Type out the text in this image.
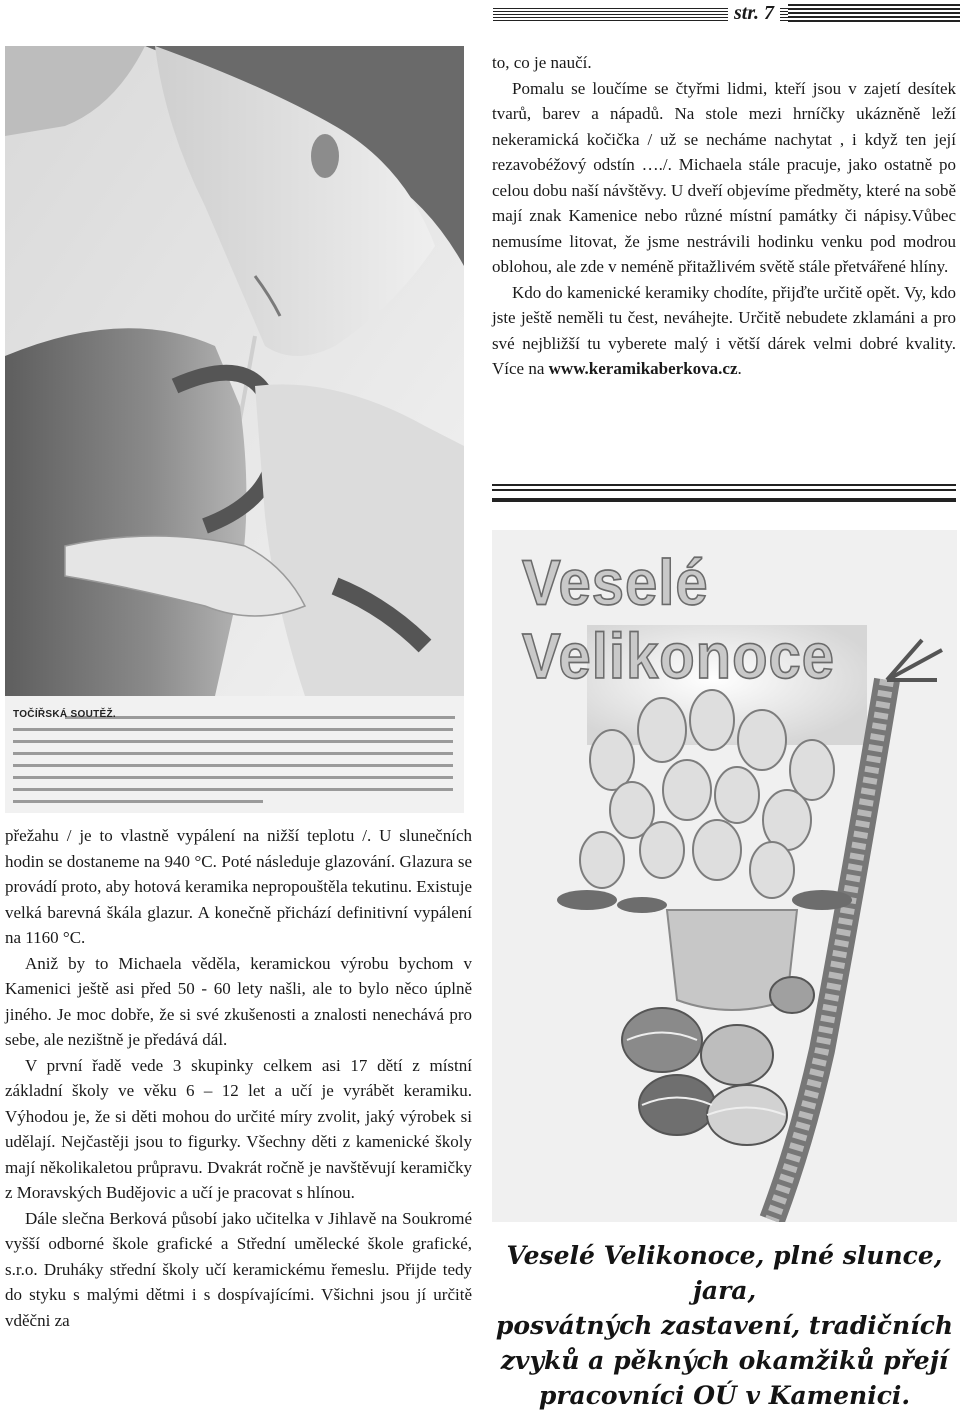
str. 7
TOČÍŘSKÁ SOUTĚŽ.

to, co je naučí.

Pomalu se loučíme se čtyřmi lidmi, kteří jsou v zajetí desítek tvarů, barev a nápadů. Na stole mezi hrníčky ukázněně leží nekeramická kočička / už se necháme nachytat , i když ten její rezavobéžový odstín …./. Michaela stále pracuje, jako ostatně po celou dobu naší návštěvy. U dveří objevíme předměty, které na sobě mají znak Kamenice nebo různé místní památky či nápisy.Vůbec nemusíme litovat, že jsme nestrávili hodinku venku pod modrou oblohou, ale zde v neméně přitažlivém světě stále přetvářené hlíny.

Kdo do kamenické keramiky chodíte, přijďte určitě opět. Vy, kdo jste ještě neměli tu čest, neváhejte. Určitě nebudete zklamáni a pro své nejbližší tu vyberete malý i větší dárek velmi dobré kvality. Více na www.keramikaberkova.cz.

přežahu / je to vlastně vypálení na nižší teplotu /. U slunečních hodin se dostaneme na 940 °C. Poté následuje glazování. Glazura se provádí proto, aby hotová keramika nepropouštěla tekutinu. Existuje velká barevná škála glazur. A konečně přichází definitivní vypálení na 1160 °C.

Aniž by to Michaela věděla, keramickou výrobu bychom v Kamenici ještě asi před 50 - 60 lety našli, ale to bylo něco úplně jiného. Je moc dobře, že si své zkušenosti a znalosti nenechává pro sebe, ale nezištně je předává dál.

V první řadě vede 3 skupinky celkem asi 17 dětí z místní základní školy ve věku 6 – 12 let a učí je vyrábět keramiku. Výhodou je, že si děti mohou do určité míry zvolit, jaký výrobek si udělají. Nejčastěji jsou to figurky. Všechny děti z kamenické školy mají několikaletou průpravu. Dvakrát ročně je navštěvují keramičky z Moravských Budějovic a učí je pracovat s hlínou.

Dále slečna Berková působí jako učitelka v Jihlavě na Soukromé vyšší odborné škole grafické a Střední umělecké škole grafické, s.r.o. Druháky střední školy učí keramickému řemeslu. Přijde tedy do styku s malými dětmi i s dospívajícími. Všichni jsou jí určitě vděčni za

Veselé Velikonoce
Veselé Velikonoce, plné slunce, jara,
posvátných zastavení, tradičních
zvyků a pěkných okamžiků přejí
pracovníci OÚ v Kamenici.
